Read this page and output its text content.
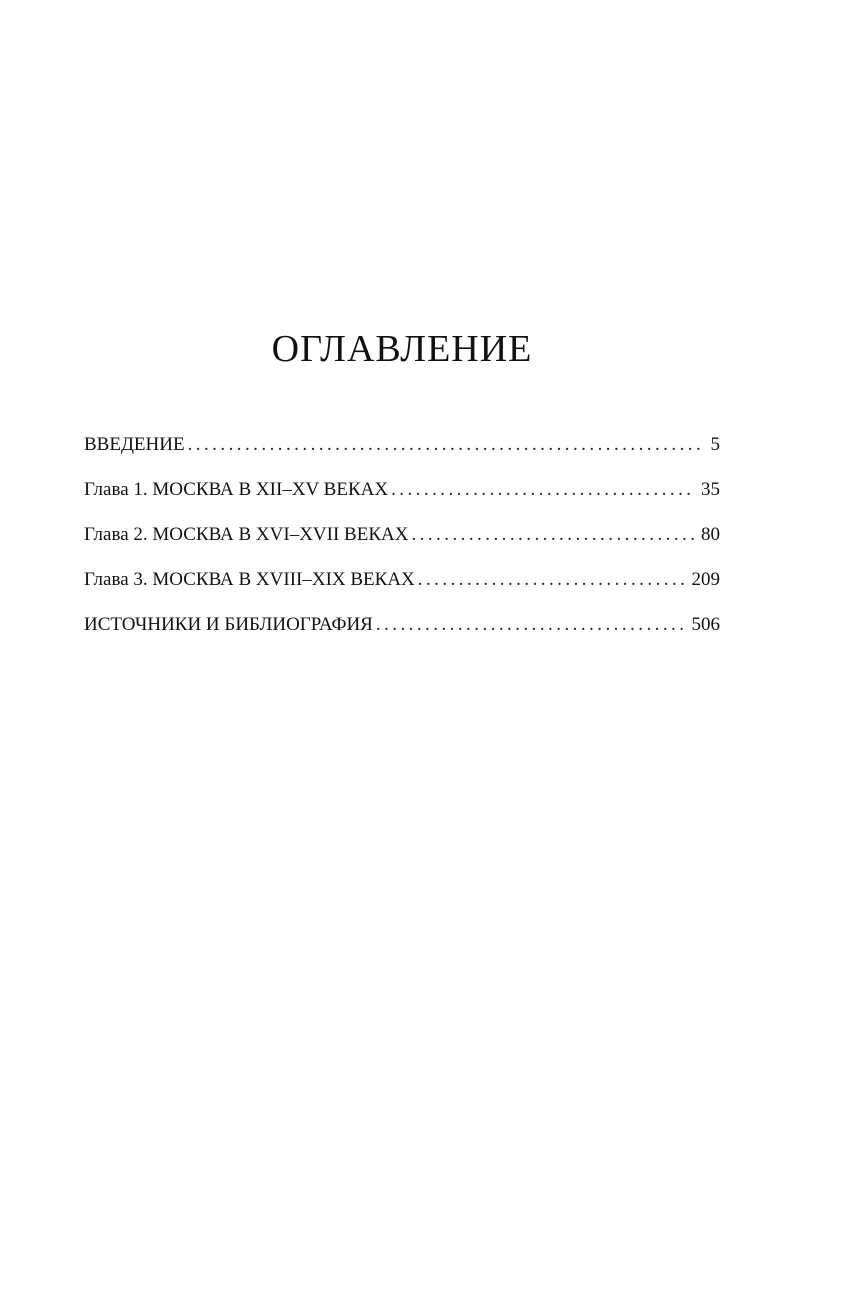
ОГЛАВЛЕНИЕ
ВВЕДЕНИЕ . . .	5
Глава 1. МОСКВА В XII–XV ВЕКАХ . . .	35
Глава 2. МОСКВА В XVI–XVII ВЕКАХ . . .	80
Глава 3. МОСКВА В XVIII–XIX ВЕКАХ . . .	209
ИСТОЧНИКИ И БИБЛИОГРАФИЯ . . .	506
